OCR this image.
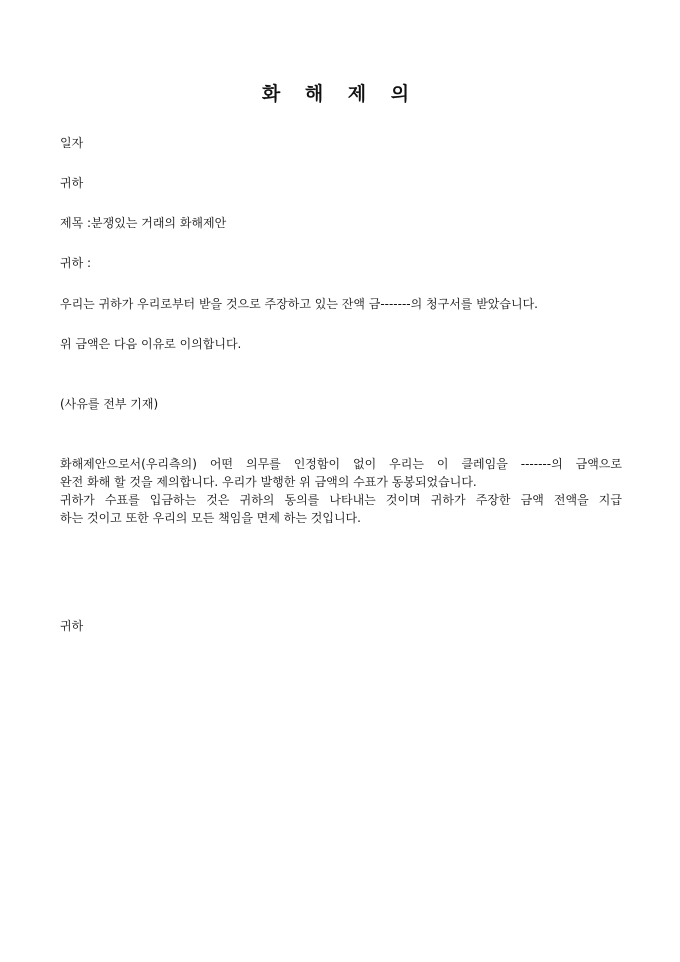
화 해 제 의
일자
귀하
제목 :분쟁있는 거래의 화해제안
귀하 :
우리는 귀하가 우리로부터 받을 것으로 주장하고 있는 잔액 금-------의 청구서를 받았습니다.
위 금액은 다음 이유로 이의합니다.
(사유를 전부 기재)
화해제안으로서(우리측의) 어떤 의무를 인정함이 없이 우리는 이 클레임을 -------의 금액으로
완전 화해 할 것을 제의합니다. 우리가 발행한 위 금액의 수표가 동봉되었습니다.
귀하가 수표를 입금하는 것은 귀하의 동의를 나타내는 것이며 귀하가 주장한 금액 전액을 지급
하는 것이고 또한 우리의 모든 책임을 면제 하는 것입니다.
귀하
